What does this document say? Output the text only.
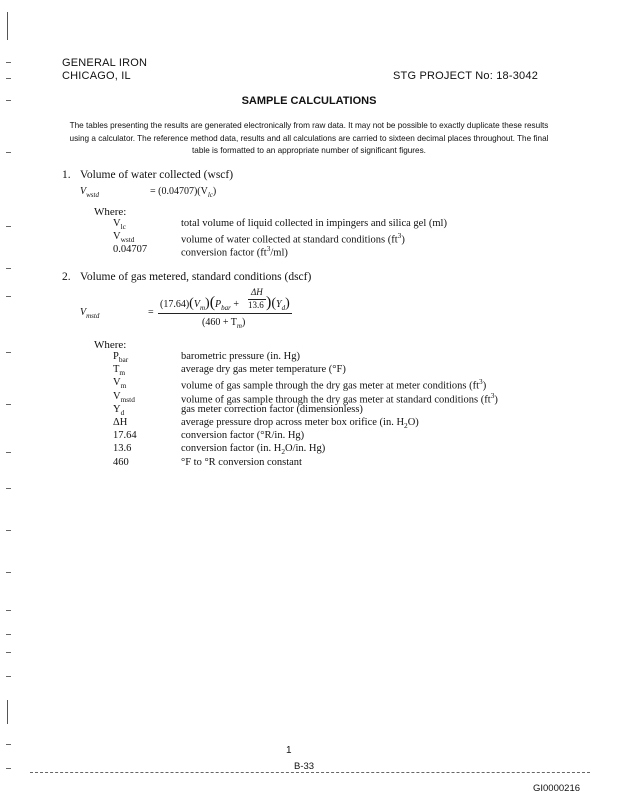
GENERAL IRON
CHICAGO, IL	STG PROJECT No: 18-3042
SAMPLE CALCULATIONS
The tables presenting the results are generated electronically from raw data. It may not be possible to exactly duplicate these results using a calculator. The reference method data, results and all calculations are carried to sixteen decimal places throughout. The final table is formatted to an appropriate number of significant figures.
1. Volume of water collected (wscf)
$V_{wstd}$	= $(0.04707)(V_{lc})$
Where:
$V_{lc}$	total volume of liquid collected in impingers and silica gel (ml)
$V_{wstd}$	volume of water collected at standard conditions $(ft^3)$
0.04707	conversion factor $(ft^3/ml)$
2. Volume of gas metered, standard conditions (dscf)
$V_{mstd}$	=
$(17.64)(V_m)(P_{bar}$ +
ΔH
13.6 )$(Y_d)$
$(460 + T_m)$
Where:
$P_{bar}$	barometric pressure (in. Hg)
$T_m$	average dry gas meter temperature (°F)
$V_m$	volume of gas sample through the dry gas meter at meter conditions $(ft^3)$
$V_{mstd}$	volume of gas sample through the dry gas meter at standard conditions $(ft^3)$
$Y_d$	gas meter correction factor (dimensionless)
ΔH	average pressure drop across meter box orifice (in. $H_2O$)
17.64	conversion factor (°R/in. Hg)
13.6	conversion factor (in. $H_2O/in$. Hg)
460	°F to °R conversion constant
1
B-33
GI0000216
